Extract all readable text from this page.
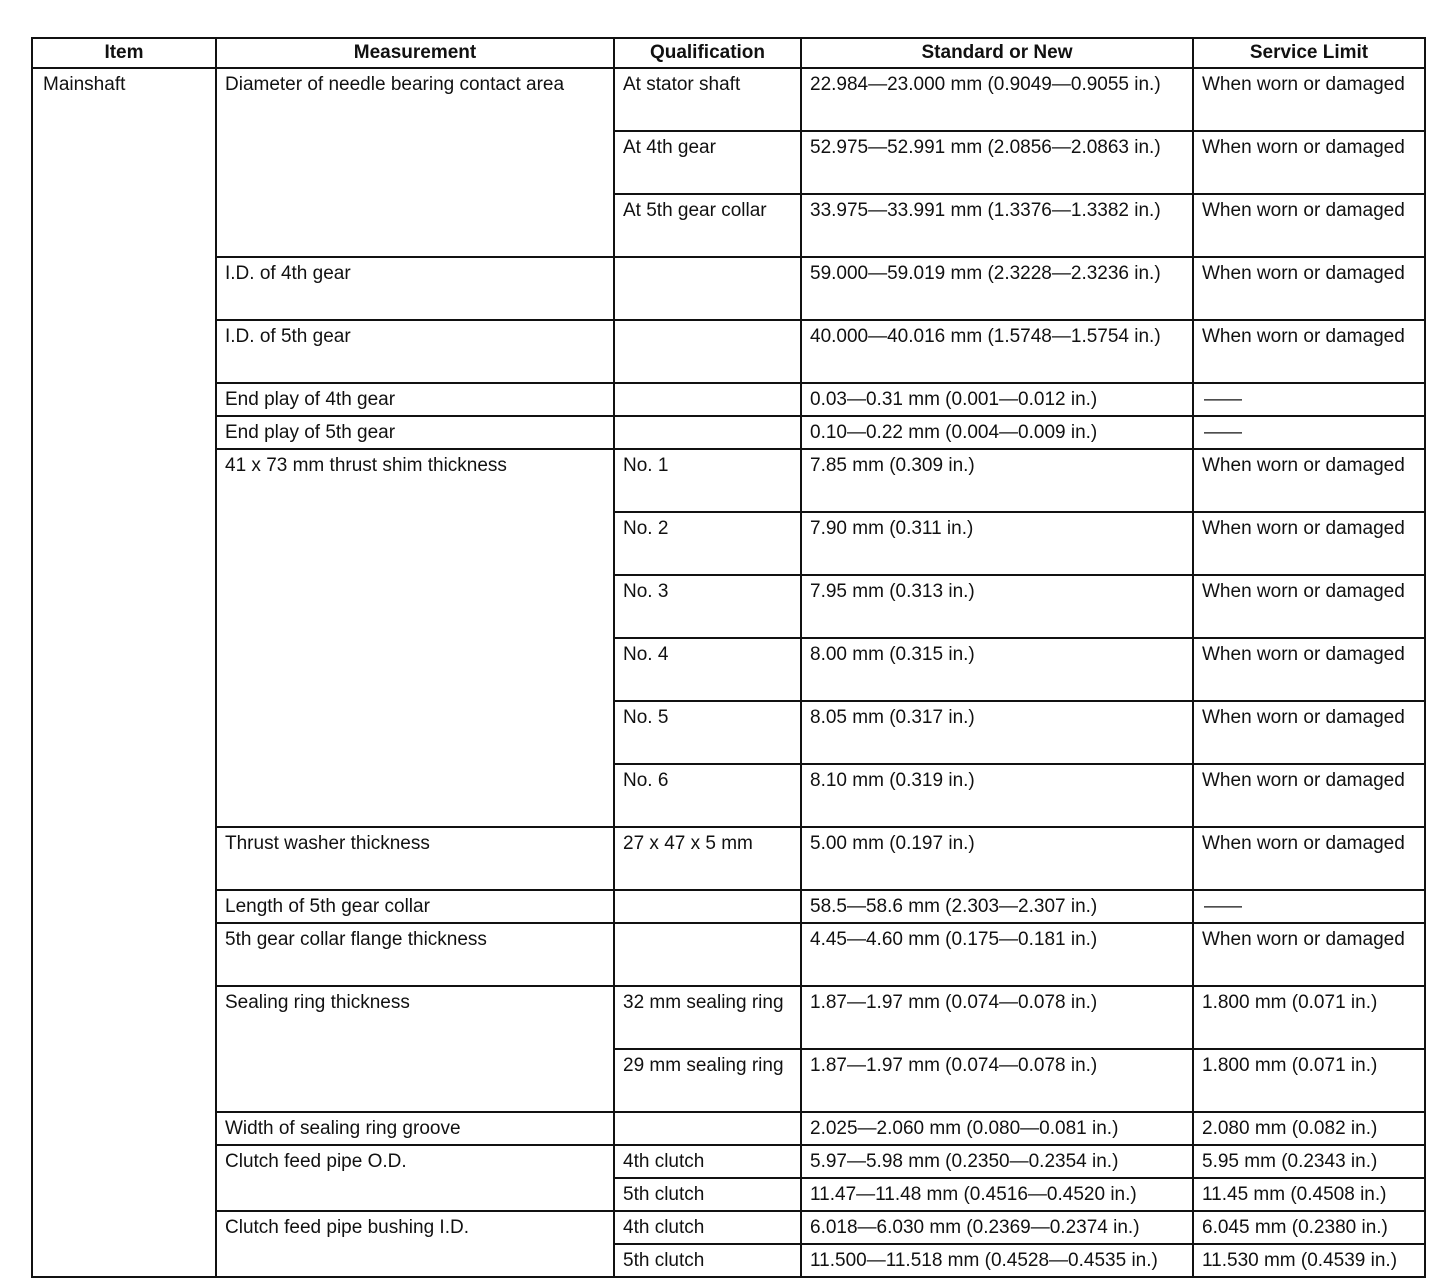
Item	Measurement	Qualification	Standard or New	Service Limit
Mainshaft	Diameter of needle bearing contact area	At stator shaft	22.984—23.000 mm (0.9049—0.9055 in.)	When worn or damaged
		At 4th gear	52.975—52.991 mm (2.0856—2.0863 in.)	When worn or damaged
		At 5th gear collar	33.975—33.991 mm (1.3376—1.3382 in.)	When worn or damaged
	I.D. of 4th gear		59.000—59.019 mm (2.3228—2.3236 in.)	When worn or damaged
	I.D. of 5th gear		40.000—40.016 mm (1.5748—1.5754 in.)	When worn or damaged
	End play of 4th gear		0.03—0.31 mm (0.001—0.012 in.)	——
	End play of 5th gear		0.10—0.22 mm (0.004—0.009 in.)	——
	41 x 73 mm thrust shim thickness	No. 1	7.85 mm (0.309 in.)	When worn or damaged
		No. 2	7.90 mm (0.311 in.)	When worn or damaged
		No. 3	7.95 mm (0.313 in.)	When worn or damaged
		No. 4	8.00 mm (0.315 in.)	When worn or damaged
		No. 5	8.05 mm (0.317 in.)	When worn or damaged
		No. 6	8.10 mm (0.319 in.)	When worn or damaged
	Thrust washer thickness	27 x 47 x 5 mm	5.00 mm (0.197 in.)	When worn or damaged
	Length of 5th gear collar		58.5—58.6 mm (2.303—2.307 in.)	——
	5th gear collar flange thickness		4.45—4.60 mm (0.175—0.181 in.)	When worn or damaged
	Sealing ring thickness	32 mm sealing ring	1.87—1.97 mm (0.074—0.078 in.)	1.800 mm (0.071 in.)
		29 mm sealing ring	1.87—1.97 mm (0.074—0.078 in.)	1.800 mm (0.071 in.)
	Width of sealing ring groove		2.025—2.060 mm (0.080—0.081 in.)	2.080 mm (0.082 in.)
	Clutch feed pipe O.D.	4th clutch	5.97—5.98 mm (0.2350—0.2354 in.)	5.95 mm (0.2343 in.)
		5th clutch	11.47—11.48 mm (0.4516—0.4520 in.)	11.45 mm (0.4508 in.)
	Clutch feed pipe bushing I.D.	4th clutch	6.018—6.030 mm (0.2369—0.2374 in.)	6.045 mm (0.2380 in.)
		5th clutch	11.500—11.518 mm (0.4528—0.4535 in.)	11.530 mm (0.4539 in.)
